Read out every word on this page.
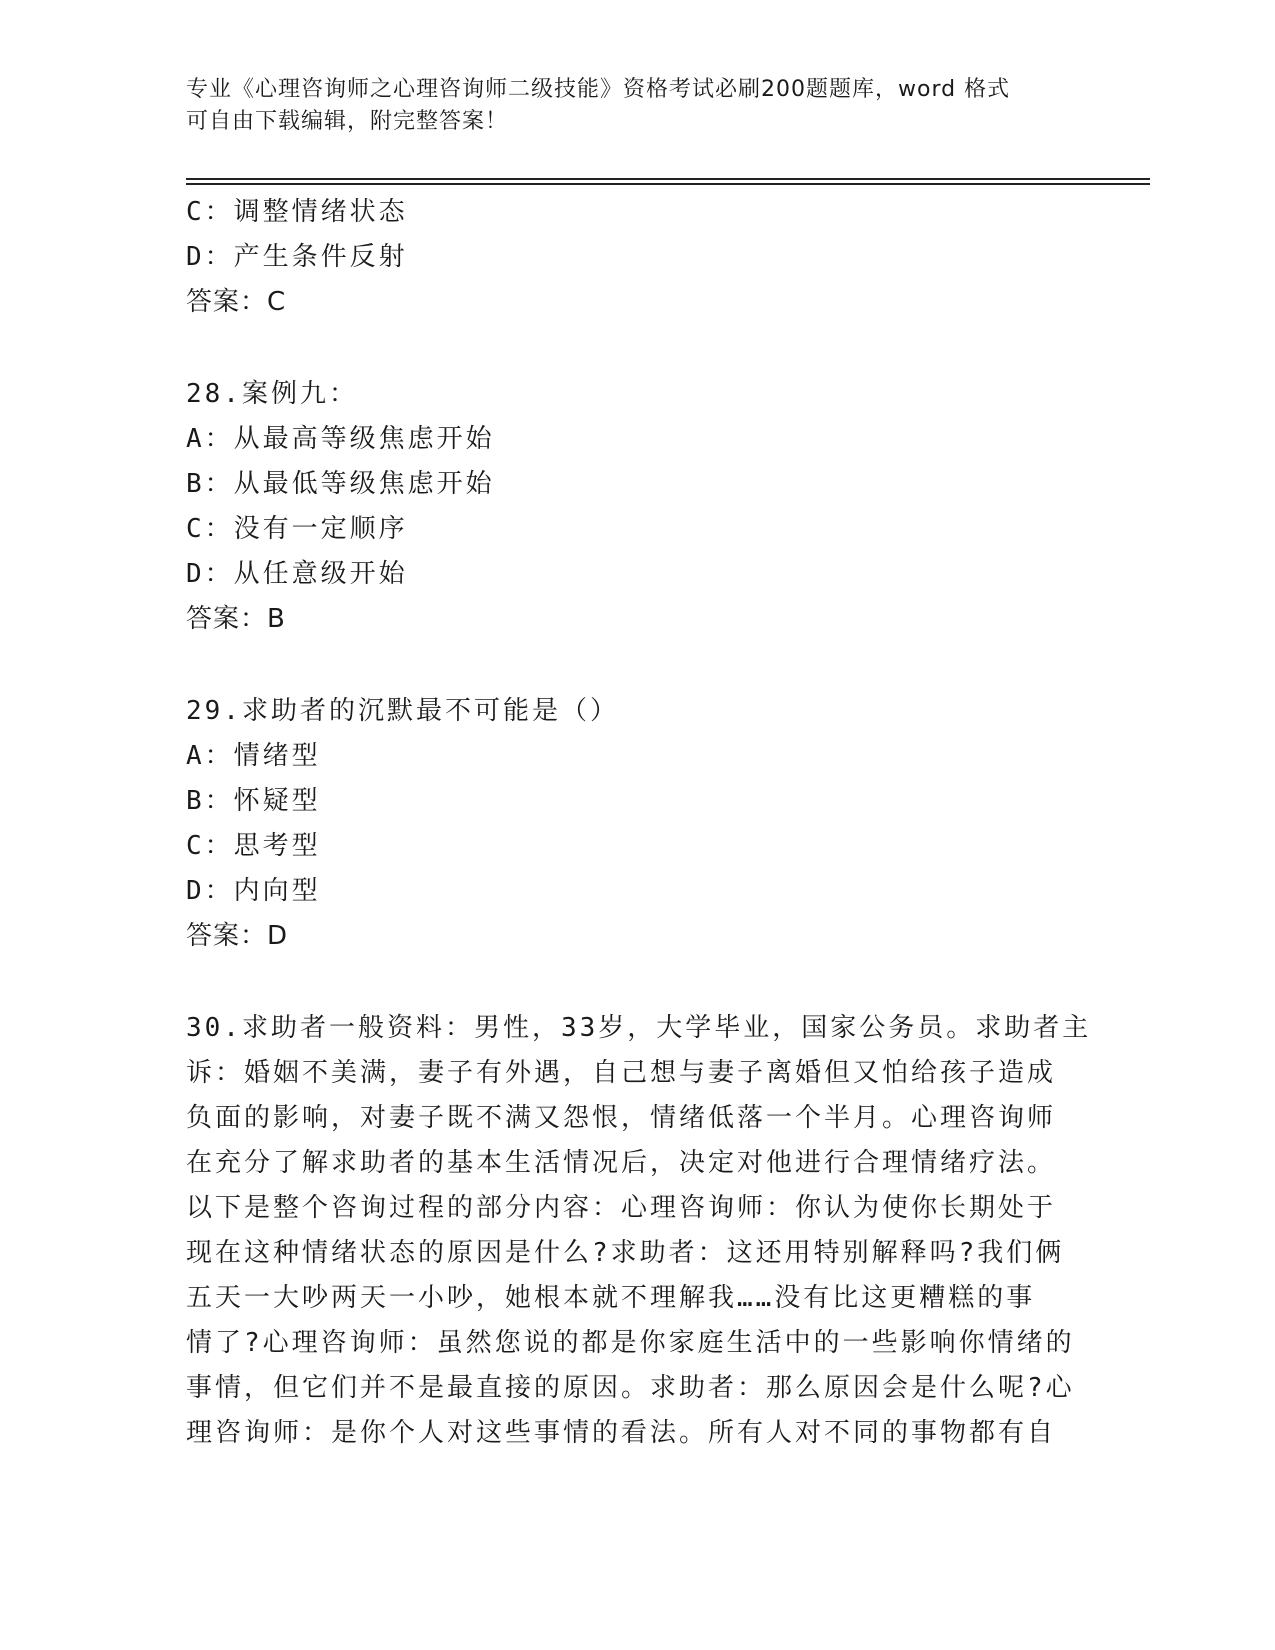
专业《心理咨询师之心理咨询师二级技能》资格考试必刷200题题库，word 格式
可自由下载编辑，附完整答案！
C：调整情绪状态
D：产生条件反射
答案：C
28.案例九：
A：从最高等级焦虑开始
B：从最低等级焦虑开始
C：没有一定顺序
D：从任意级开始
答案：B
29.求助者的沉默最不可能是（）
A：情绪型
B：怀疑型
C：思考型
D：内向型
答案：D
30.求助者一般资料：男性，33岁，大学毕业，国家公务员。求助者主
诉：婚姻不美满，妻子有外遇，自己想与妻子离婚但又怕给孩子造成
负面的影响，对妻子既不满又怨恨，情绪低落一个半月。心理咨询师
在充分了解求助者的基本生活情况后，决定对他进行合理情绪疗法。
以下是整个咨询过程的部分内容：心理咨询师：你认为使你长期处于
现在这种情绪状态的原因是什么?求助者：这还用特别解释吗?我们俩
五天一大吵两天一小吵，她根本就不理解我……没有比这更糟糕的事
情了?心理咨询师：虽然您说的都是你家庭生活中的一些影响你情绪的
事情，但它们并不是最直接的原因。求助者：那么原因会是什么呢?心
理咨询师：是你个人对这些事情的看法。所有人对不同的事物都有自
